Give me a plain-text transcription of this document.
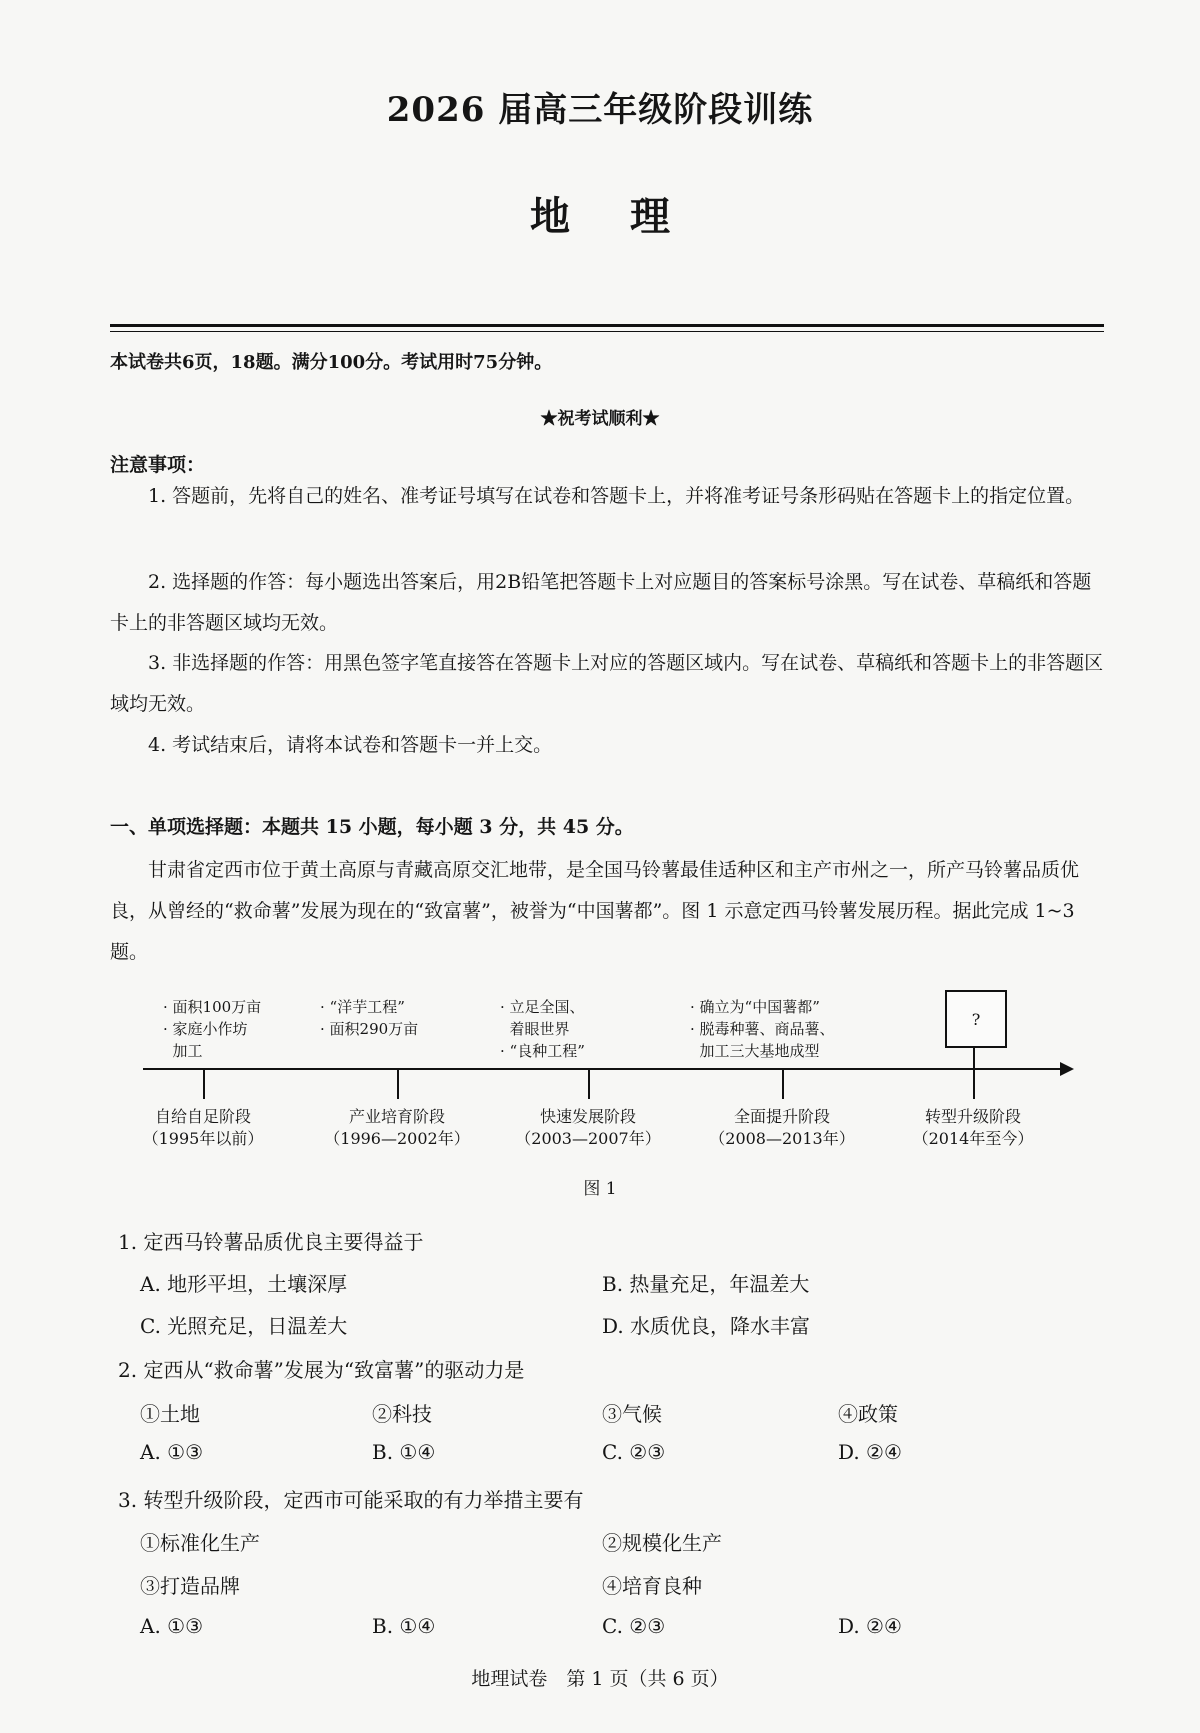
2026 届高三年级阶段训练
地理
本试卷共6页，18题。满分100分。考试用时75分钟。
★祝考试顺利★
注意事项：

1. 答题前，先将自己的姓名、准考证号填写在试卷和答题卡上，并将准考证号条形码贴在答题卡上的指定位置。

2. 选择题的作答：每小题选出答案后，用2B铅笔把答题卡上对应题目的答案标号涂黑。写在试卷、草稿纸和答题卡上的非答题区域均无效。

3. 非选择题的作答：用黑色签字笔直接答在答题卡上对应的答题区域内。写在试卷、草稿纸和答题卡上的非答题区域均无效。

4. 考试结束后，请将本试卷和答题卡一并上交。

一、单项选择题：本题共 15 小题，每小题 3 分，共 45 分。

甘肃省定西市位于黄土高原与青藏高原交汇地带，是全国马铃薯最佳适种区和主产市州之一，所产马铃薯品质优良，从曾经的“救命薯”发展为现在的“致富薯”，被誉为“中国薯都”。图 1 示意定西马铃薯发展历程。据此完成 1~3 题。

· 面积100万亩
· 家庭小作坊
加工
· “洋芋工程”
· 面积290万亩
· 立足全国、
着眼世界
· “良种工程”
· 确立为“中国薯都”
· 脱毒种薯、商品薯、
加工三大基地成型
?
自给自足阶段
（1995年以前）
产业培育阶段
（1996—2002年）
快速发展阶段
（2003—2007年）
全面提升阶段
（2008—2013年）
转型升级阶段
（2014年至今）
图 1
1. 定西马铃薯品质优良主要得益于
A. 地形平坦，土壤深厚	B. 热量充足，年温差大
C. 光照充足，日温差大	D. 水质优良，降水丰富
2. 定西从“救命薯”发展为“致富薯”的驱动力是
①土地	②科技	③气候	④政策
A. ①③	B. ①④	C. ②③	D. ②④
3. 转型升级阶段，定西市可能采取的有力举措主要有
①标准化生产	②规模化生产
③打造品牌	④培育良种
A. ①③	B. ①④	C. ②③	D. ②④
地理试卷　第 1 页（共 6 页）
